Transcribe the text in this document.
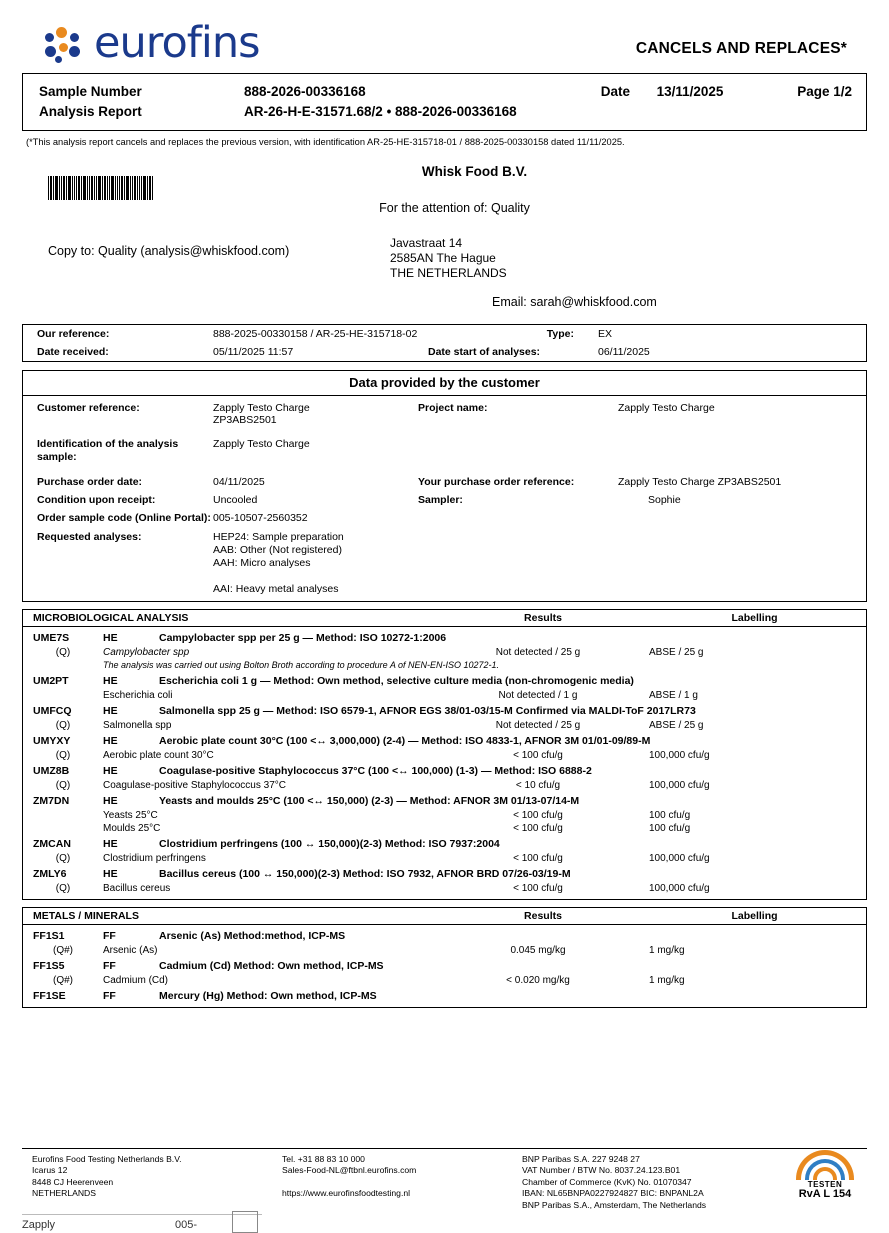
eurofins	CANCELS AND REPLACES*
Sample Number	888-2026-00336168	Date	13/11/2025	Page 1/2
Analysis Report	AR-26-H-E-31571.68/2 • 888-2026-00336168
(*This analysis report cancels and replaces the previous version, with identification AR-25-HE-315718-01 / 888-2025-00330158 dated 11/11/2025.
Whisk Food B.V.
For the attention of: Quality
Copy to: Quality (analysis@whiskfood.com)
Javastraat 14
2585AN The Hague
THE NETHERLANDS
Email: sarah@whiskfood.com
Our reference:	888-2025-00330158 / AR-25-HE-315718-02	Type:	EX
Date received:	05/11/2025 11:57	Date start of analyses:	06/11/2025
Data provided by the customer
Customer reference:	Zapply Testo Charge
ZP3ABS2501
Project name:	Zapply Testo Charge
Identification of the analysis sample:
Zapply Testo Charge
Purchase order date:	04/11/2025	Your purchase order reference:	Zapply Testo Charge ZP3ABS2501
Condition upon receipt:	Uncooled	Sampler:	Sophie
Order sample code (Online Portal): 005-10507-2560352
Requested analyses:	HEP24: Sample preparation
AAB: Other (Not registered)
AAH: Micro analyses

AAI: Heavy metal analyses
MICROBIOLOGICAL ANALYSIS	Results	Labelling
UME7S	HE	Campylobacter spp per 25 g — Method: ISO 10272-1:2006
(Q)	Campylobacter spp	Not detected / 25 g	ABSE / 25 g
The analysis was carried out using Bolton Broth according to procedure A of NEN-EN-ISO 10272-1.
UM2PT	HE	Escherichia coli 1 g — Method: Own method, selective culture media (non-chromogenic media)
Escherichia coli	Not detected / 1 g	ABSE / 1 g
UMFCQ	HE	Salmonella spp 25 g — Method: ISO 6579-1, AFNOR EGS 38/01-03/15-M Confirmed via MALDI-ToF 2017LR73
(Q)	Salmonella spp	Not detected / 25 g	ABSE / 25 g
UMYXY	HE	Aerobic plate count 30°C (100 <↔ 3,000,000) (2-4) — Method: ISO 4833-1, AFNOR 3M 01/01-09/89-M
(Q)	Aerobic plate count 30°C	< 100 cfu/g	100,000 cfu/g
UMZ8B	HE	Coagulase-positive Staphylococcus 37°C (100 <↔ 100,000) (1-3) — Method: ISO 6888-2
(Q)	Coagulase-positive Staphylococcus 37°C	< 10 cfu/g	100,000 cfu/g
ZM7DN	HE	Yeasts and moulds 25°C (100 <↔ 150,000) (2-3) — Method: AFNOR 3M 01/13-07/14-M
Yeasts 25°C	< 100 cfu/g	100 cfu/g
Moulds 25°C	< 100 cfu/g	100 cfu/g
ZMCAN	HE	Clostridium perfringens (100 ↔ 150,000)(2-3) Method: ISO 7937:2004
(Q)	Clostridium perfringens	< 100 cfu/g	100,000 cfu/g
ZMLY6	HE	Bacillus cereus (100 ↔ 150,000)(2-3) Method: ISO 7932, AFNOR BRD 07/26-03/19-M
(Q)	Bacillus cereus	< 100 cfu/g	100,000 cfu/g
METALS / MINERALS	Results	Labelling
FF1S1	FF	Arsenic (As) Method:method, ICP-MS
(Q#)	Arsenic (As)	0.045 mg/kg	1 mg/kg
FF1S5	FF	Cadmium (Cd) Method: Own method, ICP-MS
(Q#)	Cadmium (Cd)	< 0.020 mg/kg	1 mg/kg
FF1SE	FF	Mercury (Hg) Method: Own method, ICP-MS
Eurofins Food Testing Netherlands B.V.
Icarus 12
8448 CJ Heerenveen
NETHERLANDS
Tel. +31 88 83 10 000
Sales-Food-NL@ftbnl.eurofins.com

https://www.eurofinsfoodtesting.nl
BNP Paribas S.A. 227 9248 27
VAT Number / BTW No. 8037.24.123.B01
Chamber of Commerce (KvK) No. 01070347
IBAN: NL65BNPA0227924827 BIC: BNPANL2A
BNP Paribas S.A., Amsterdam, The Netherlands
TESTEN
RvA L 154
Zapply	005-
